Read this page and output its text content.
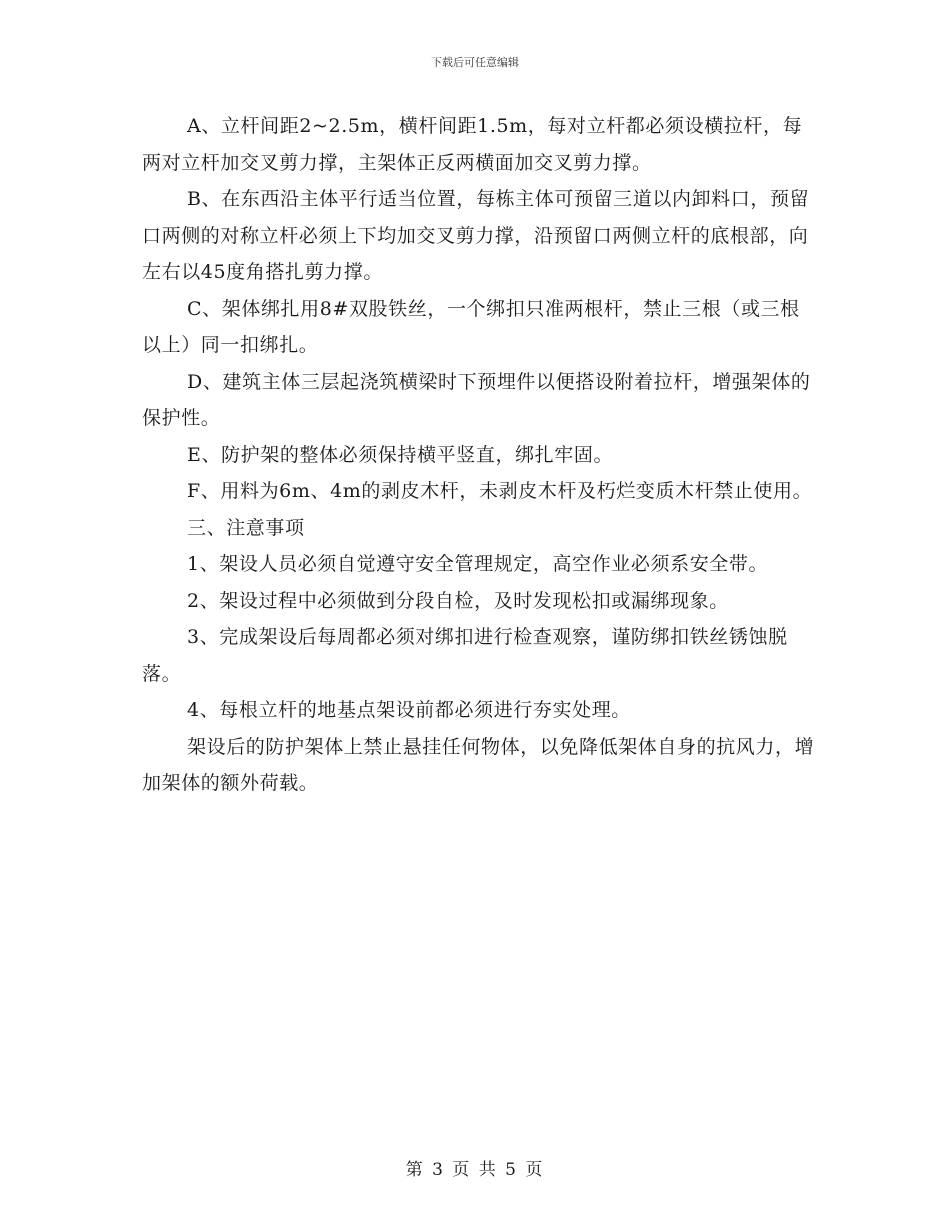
下载后可任意编辑

A、立杆间距2~2.5m，横杆间距1.5m，每对立杆都必须设横拉杆，每两对立杆加交叉剪力撑，主架体正反两横面加交叉剪力撑。

B、在东西沿主体平行适当位置，每栋主体可预留三道以内卸料口，预留口两侧的对称立杆必须上下均加交叉剪力撑，沿预留口两侧立杆的底根部，向左右以45度角搭扎剪力撑。

C、架体绑扎用8#双股铁丝，一个绑扣只准两根杆，禁止三根（或三根以上）同一扣绑扎。

D、建筑主体三层起浇筑横梁时下预埋件以便搭设附着拉杆，增强架体的保护性。

E、防护架的整体必须保持横平竖直，绑扎牢固。

F、用料为6m、4m的剥皮木杆，未剥皮木杆及朽烂变质木杆禁止使用。

三、注意事项

1、架设人员必须自觉遵守安全管理规定，高空作业必须系安全带。

2、架设过程中必须做到分段自检，及时发现松扣或漏绑现象。

3、完成架设后每周都必须对绑扣进行检查观察，谨防绑扣铁丝锈蚀脱落。

4、每根立杆的地基点架设前都必须进行夯实处理。

架设后的防护架体上禁止悬挂任何物体，以免降低架体自身的抗风力，增加架体的额外荷载。

第 3 页 共 5 页
